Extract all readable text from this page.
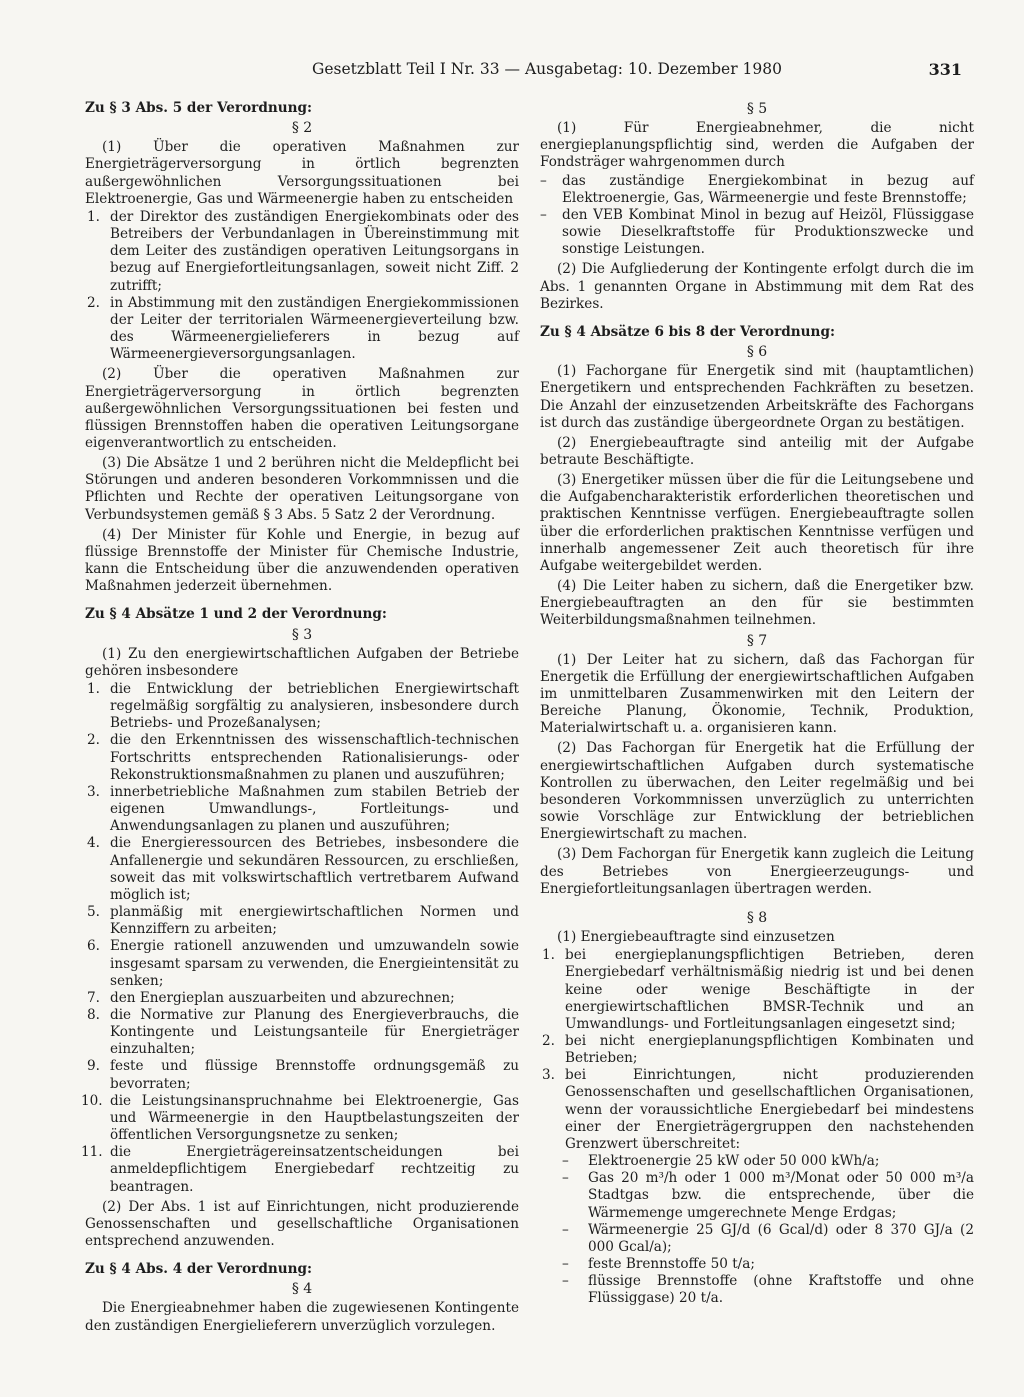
Gesetzblatt Teil I Nr. 33 — Ausgabetag: 10. Dezember 1980	331
Zu § 3 Abs. 5 der Verordnung:
§ 2
(1) Über die operativen Maßnahmen zur Energieträgerversorgung in örtlich begrenzten außergewöhnlichen Versorgungssituationen bei Elektroenergie, Gas und Wärmeenergie haben zu entscheiden
1. der Direktor des zuständigen Energiekombinats oder des Betreibers der Verbundanlagen in Übereinstimmung mit dem Leiter des zuständigen operativen Leitungsorgans in bezug auf Energiefortleitungsanlagen, soweit nicht Ziff. 2 zutrifft;
2. in Abstimmung mit den zuständigen Energiekommissionen der Leiter der territorialen Wärmeenergieverteilung bzw. des Wärmeenergielieferers in bezug auf Wärmeenergieversorgungsanlagen.
(2) Über die operativen Maßnahmen zur Energieträgerversorgung in örtlich begrenzten außergewöhnlichen Versorgungssituationen bei festen und flüssigen Brennstoffen haben die operativen Leitungsorgane eigenverantwortlich zu entscheiden.
(3) Die Absätze 1 und 2 berühren nicht die Meldepflicht bei Störungen und anderen besonderen Vorkommnissen und die Pflichten und Rechte der operativen Leitungsorgane von Verbundsystemen gemäß § 3 Abs. 5 Satz 2 der Verordnung.
(4) Der Minister für Kohle und Energie, in bezug auf flüssige Brennstoffe der Minister für Chemische Industrie, kann die Entscheidung über die anzuwendenden operativen Maßnahmen jederzeit übernehmen.
Zu § 4 Absätze 1 und 2 der Verordnung:
§ 3
(1) Zu den energiewirtschaftlichen Aufgaben der Betriebe gehören insbesondere
1. die Entwicklung der betrieblichen Energiewirtschaft regelmäßig sorgfältig zu analysieren, insbesondere durch Betriebs- und Prozeßanalysen;
2. die den Erkenntnissen des wissenschaftlich-technischen Fortschritts entsprechenden Rationalisierungs- oder Rekonstruktionsmaßnahmen zu planen und auszuführen;
3. innerbetriebliche Maßnahmen zum stabilen Betrieb der eigenen Umwandlungs-, Fortleitungs- und Anwendungsanlagen zu planen und auszuführen;
4. die Energieressourcen des Betriebes, insbesondere die Anfallenergie und sekundären Ressourcen, zu erschließen, soweit das mit volkswirtschaftlich vertretbarem Aufwand möglich ist;
5. planmäßig mit energiewirtschaftlichen Normen und Kennziffern zu arbeiten;
6. Energie rationell anzuwenden und umzuwandeln sowie insgesamt sparsam zu verwenden, die Energieintensität zu senken;
7. den Energieplan auszuarbeiten und abzurechnen;
8. die Normative zur Planung des Energieverbrauchs, die Kontingente und Leistungsanteile für Energieträger einzuhalten;
9. feste und flüssige Brennstoffe ordnungsgemäß zu bevorraten;
10. die Leistungsinanspruchnahme bei Elektroenergie, Gas und Wärmeenergie in den Hauptbelastungszeiten der öffentlichen Versorgungsnetze zu senken;
11. die Energieträgereinsatzentscheidungen bei anmeldepflichtigem Energiebedarf rechtzeitig zu beantragen.
(2) Der Abs. 1 ist auf Einrichtungen, nicht produzierende Genossenschaften und gesellschaftliche Organisationen entsprechend anzuwenden.
Zu § 4 Abs. 4 der Verordnung:
§ 4
Die Energieabnehmer haben die zugewiesenen Kontingente den zuständigen Energielieferern unverzüglich vorzulegen.
§ 5
(1) Für Energieabnehmer, die nicht energieplanungspflichtig sind, werden die Aufgaben der Fondsträger wahrgenommen durch
– das zuständige Energiekombinat in bezug auf Elektroenergie, Gas, Wärmeenergie und feste Brennstoffe;
– den VEB Kombinat Minol in bezug auf Heizöl, Flüssiggase sowie Dieselkraftstoffe für Produktionszwecke und sonstige Leistungen.
(2) Die Aufgliederung der Kontingente erfolgt durch die im Abs. 1 genannten Organe in Abstimmung mit dem Rat des Bezirkes.
Zu § 4 Absätze 6 bis 8 der Verordnung:
§ 6
(1) Fachorgane für Energetik sind mit (hauptamtlichen) Energetikern und entsprechenden Fachkräften zu besetzen. Die Anzahl der einzusetzenden Arbeitskräfte des Fachorgans ist durch das zuständige übergeordnete Organ zu bestätigen.
(2) Energiebeauftragte sind anteilig mit der Aufgabe betraute Beschäftigte.
(3) Energetiker müssen über die für die Leitungsebene und die Aufgabencharakteristik erforderlichen theoretischen und praktischen Kenntnisse verfügen. Energiebeauftragte sollen über die erforderlichen praktischen Kenntnisse verfügen und innerhalb angemessener Zeit auch theoretisch für ihre Aufgabe weitergebildet werden.
(4) Die Leiter haben zu sichern, daß die Energetiker bzw. Energiebeauftragten an den für sie bestimmten Weiterbildungsmaßnahmen teilnehmen.
§ 7
(1) Der Leiter hat zu sichern, daß das Fachorgan für Energetik die Erfüllung der energiewirtschaftlichen Aufgaben im unmittelbaren Zusammenwirken mit den Leitern der Bereiche Planung, Ökonomie, Technik, Produktion, Materialwirtschaft u. a. organisieren kann.
(2) Das Fachorgan für Energetik hat die Erfüllung der energiewirtschaftlichen Aufgaben durch systematische Kontrollen zu überwachen, den Leiter regelmäßig und bei besonderen Vorkommnissen unverzüglich zu unterrichten sowie Vorschläge zur Entwicklung der betrieblichen Energiewirtschaft zu machen.
(3) Dem Fachorgan für Energetik kann zugleich die Leitung des Betriebes von Energieerzeugungs- und Energiefortleitungsanlagen übertragen werden.
§ 8
(1) Energiebeauftragte sind einzusetzen
1. bei energieplanungspflichtigen Betrieben, deren Energiebedarf verhältnismäßig niedrig ist und bei denen keine oder wenige Beschäftigte in der energiewirtschaftlichen BMSR-Technik und an Umwandlungs- und Fortleitungsanlagen eingesetzt sind;
2. bei nicht energieplanungspflichtigen Kombinaten und Betrieben;
3. bei Einrichtungen, nicht produzierenden Genossenschaften und gesellschaftlichen Organisationen, wenn der voraussichtliche Energiebedarf bei mindestens einer der Energieträgergruppen den nachstehenden Grenzwert überschreitet:
– Elektroenergie 25 kW oder 50 000 kWh/a;
– Gas 20 m³/h oder 1 000 m³/Monat oder 50 000 m³/a Stadtgas bzw. die entsprechende, über die Wärmemenge umgerechnete Menge Erdgas;
– Wärmeenergie 25 GJ/d (6 Gcal/d) oder 8 370 GJ/a (2 000 Gcal/a);
– feste Brennstoffe 50 t/a;
– flüssige Brennstoffe (ohne Kraftstoffe und ohne Flüssiggase) 20 t/a.
